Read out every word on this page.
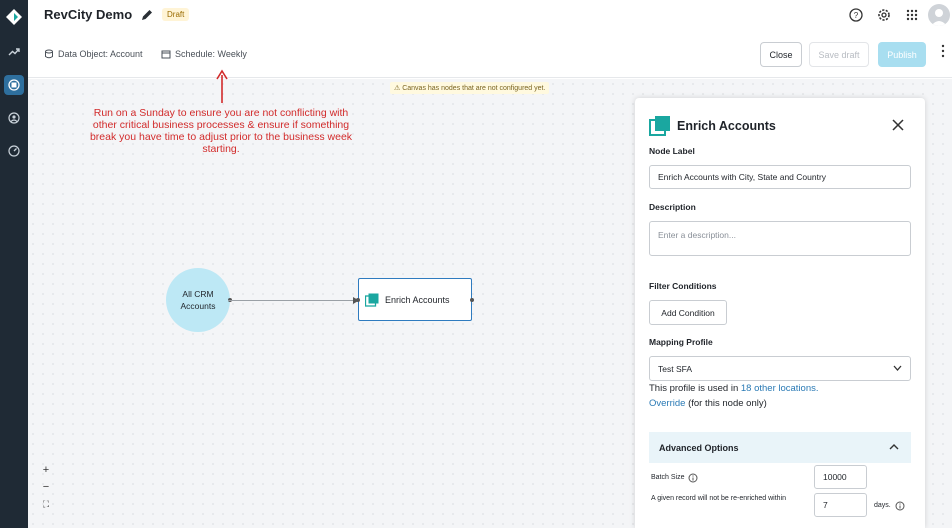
RevCity Demo	Draft	?
Data Object: Account	Schedule: Weekly	Close	Save draft	Publish
⚠ Canvas has nodes that are not configured yet.
Run on a Sunday to ensure you are not conflicting with other critical business processes & ensure if something break you have time to adjust prior to the business week starting.
All CRM
Accounts
Enrich Accounts
+
−
⛶
Enrich Accounts
Node Label
Enrich Accounts with City, State and Country
Description
Enter a description...
Filter Conditions
Add Condition
Mapping Profile
Test SFA
This profile is used in 18 other locations.
Override (for this node only)
Advanced Options
Batch Size	10000
A given record will not be re-enriched within
7	days.
